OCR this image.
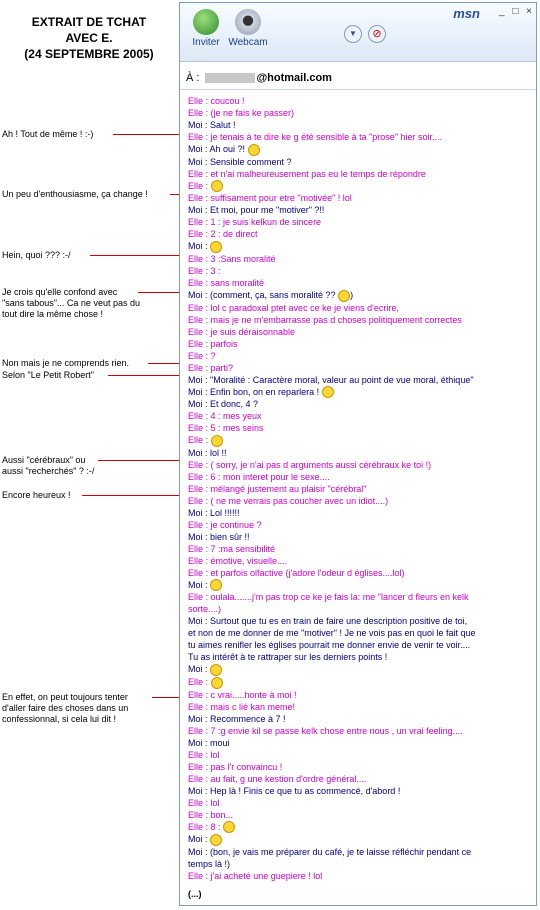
EXTRAIT DE TCHAT
AVEC E.
(24 SEPTEMBRE 2005)
Ah ! Tout de même ! :-)
Un peu d'enthousiasme, ça change !
Hein, quoi ??? :-/
Je crois qu'elle confond avec
"sans tabous"... Ca ne veut pas du
tout dire la même chose !
Non mais je ne comprends rien.
Selon "Le Petit Robert"
Aussi "cérébraux" ou
aussi "recherchés" ? :-/
Encore heureux !
En effet, on peut toujours tenter
d'aller faire des choses dans un
confessionnal, si cela lui dit !
msn	_ □ ×
Inviter Webcam
▼	⊘
À :	@hotmail.com
Elle : coucou !
Elle : (je ne fais ke passer)
Moi : Salut !
Elle : je tenais à te dire ke g été sensible à ta "prose" hier soir....
Moi : Ah oui ?!
Moi : Sensible comment ?
Elle : et n'ai malheureusement pas eu le temps de répondre
Elle :
Elle : suffisament pour etre "motivée" ! lol
Moi : Et moi, pour me "motiver" ?!!
Elle : 1 : je suis kelkun de sincere
Elle : 2 : de direct
Moi :
Elle : 3 :Sans moralité
Elle : 3 :
Elle : sans moralité
Moi : (comment, ça, sans moralité ?? )
Elle : lol c paradoxal ptet avec ce ke je viens d'ecrire,
Elle : mais je ne m'embarrasse pas d choses politiquement correctes
Elle : je suis déraisonnable
Elle : parfois
Elle : ?
Elle : parti?
Moi : "Moralité : Caractère moral, valeur au point de vue moral, éthique"
Moi : Enfin bon, on en reparlera !
Moi : Et donc, 4 ?
Elle : 4 : mes yeux
Elle : 5 : mes seins
Elle :
Moi : lol !!
Elle : ( sorry, je n'ai pas d arguments aussi cérébraux ke toi !)
Elle : 6 : mon interet pour le sexe....
Elle : mélangé justement au plaisir "cérébral"
Elle : ( ne me verrais pas coucher avec un idiot....)
Moi : Lol !!!!!!
Elle : je continue ?
Moi : bien sûr !!
Elle : 7 :ma sensibilité
Elle : émotive, visuelle....
Elle : et parfois olfactive (j'adore l'odeur d églises....lol)
Moi :
Elle : oulala.......j'm pas trop ce ke je fais la: me "lancer d fleurs en kelk
sorte....)
Moi : Surtout que tu es en train de faire une description positive de toi,
et non de me donner de me "motiver" ! Je ne vois pas en quoi le fait que
tu aimes renifler les églises pourrait me donner envie de venir te voir....
Tu as intérêt à te rattraper sur les derniers points !
Moi :
Elle :
Elle : c vrai.....honte à moi !
Elle : mais c lié kan meme!
Moi : Recommence à 7 !
Elle : 7 :g envie kil se passe kelk chose entre nous , un vrai feeling....
Moi : moui
Elle : lol
Elle : pas l'r convaincu !
Elle : au fait, g une kestion d'ordre général....
Moi : Hep là ! Finis ce que tu as commencé, d'abord !
Elle : lol
Elle : bon...
Elle : 8 :
Moi :
Moi : (bon, je vais me préparer du café, je te laisse réfléchir pendant ce
temps là !)
Elle : j'ai acheté une guepiere ! lol
(...)
